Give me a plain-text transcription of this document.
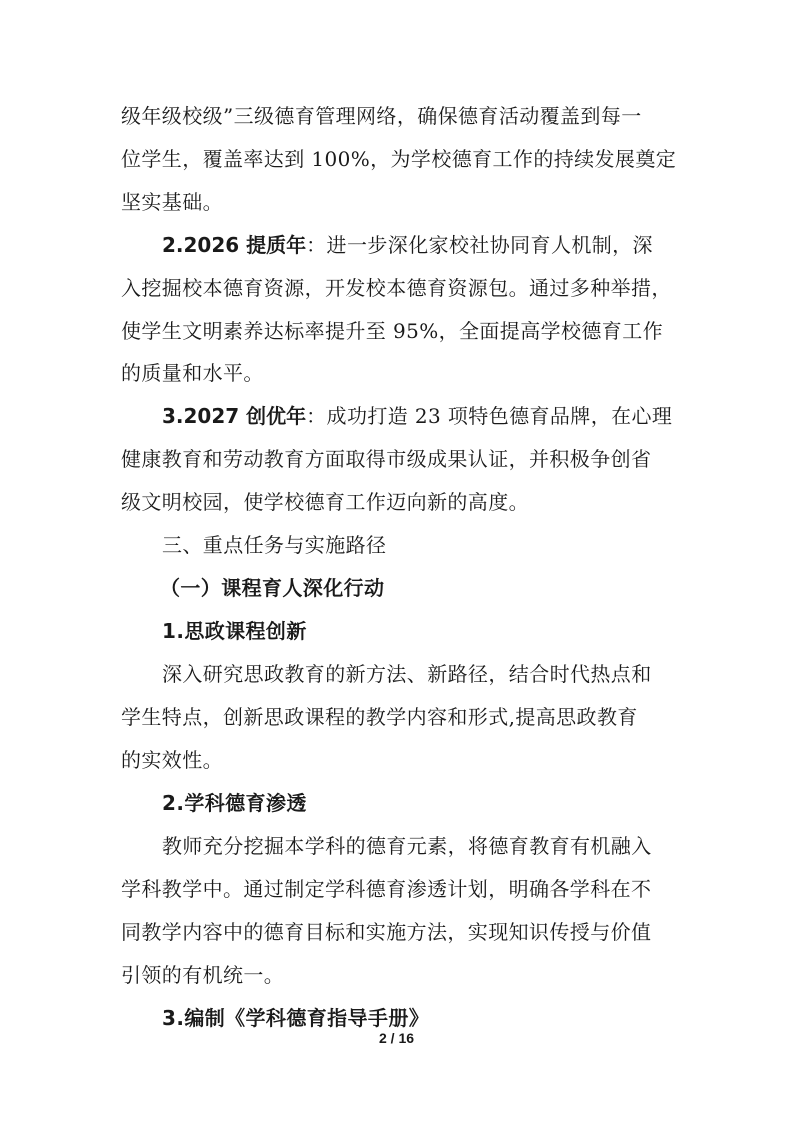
级年级校级”三级德育管理网络，确保德育活动覆盖到每一
位学生，覆盖率达到 100%，为学校德育工作的持续发展奠定
坚实基础。
2.2026 提质年：进一步深化家校社协同育人机制，深
入挖掘校本德育资源，开发校本德育资源包。通过多种举措，
使学生文明素养达标率提升至 95%，全面提高学校德育工作
的质量和水平。
3.2027 创优年：成功打造 23 项特色德育品牌，在心理
健康教育和劳动教育方面取得市级成果认证，并积极争创省
级文明校园，使学校德育工作迈向新的高度。
三、重点任务与实施路径
（一）课程育人深化行动
1.思政课程创新
深入研究思政教育的新方法、新路径，结合时代热点和
学生特点，创新思政课程的教学内容和形式,提高思政教育
的实效性。
2.学科德育渗透
教师充分挖掘本学科的德育元素，将德育教育有机融入
学科教学中。通过制定学科德育渗透计划，明确各学科在不
同教学内容中的德育目标和实施方法，实现知识传授与价值
引领的有机统一。
3.编制《学科德育指导手册》
2 / 16
